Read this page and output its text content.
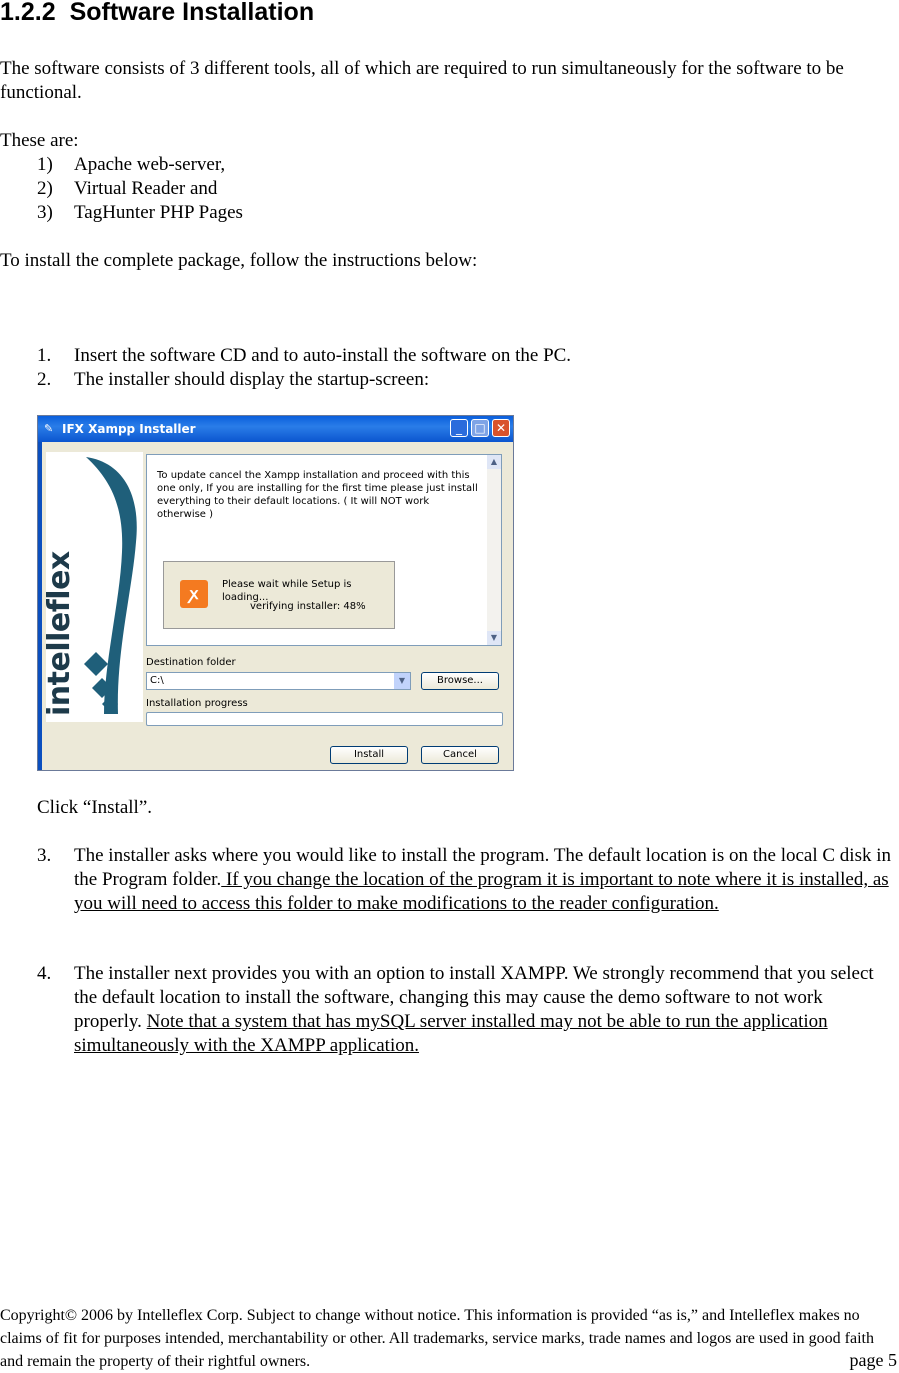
1.2.2 Software Installation

The software consists of 3 different tools, all of which are required to run simultaneously for the software to be functional.

These are:

1) Apache web-server,
2) Virtual Reader and
3) TagHunter PHP Pages

To install the complete package, follow the instructions below:

1. Insert the software CD and to auto-install the software on the PC.
2. The installer should display the startup-screen:
✎ IFX Xampp Installer	_	□ ✕
intelleflex
To update cancel the Xampp installation and proceed with this one only, If you are installing for the first time please just install everything to their default locations. ( It will NOT work otherwise )
▲
▼
ꭗ	Please wait while Setup is loading...
verifying installer: 48%
Destination folder
C:\	▼	Browse...
Installation progress
Install	Cancel

Click “Install”.

3. The installer asks where you would like to install the program. The default location is on the local C disk in the Program folder. If you change the location of the program it is important to note where it is installed, as you will need to access this folder to make modifications to the reader configuration.
4. The installer next provides you with an option to install XAMPP. We strongly recommend that you select the default location to install the software, changing this may cause the demo software to not work properly. Note that a system that has mySQL server installed may not be able to run the application simultaneously with the XAMPP application.

Copyright© 2006 by Intelleflex Corp. Subject to change without notice. This information is provided “as is,” and Intelleflex makes no claims of fit for purposes intended, merchantability or other. All trademarks, service marks, trade names and logos are used in good faith and remain the property of their rightful owners.	page 5
